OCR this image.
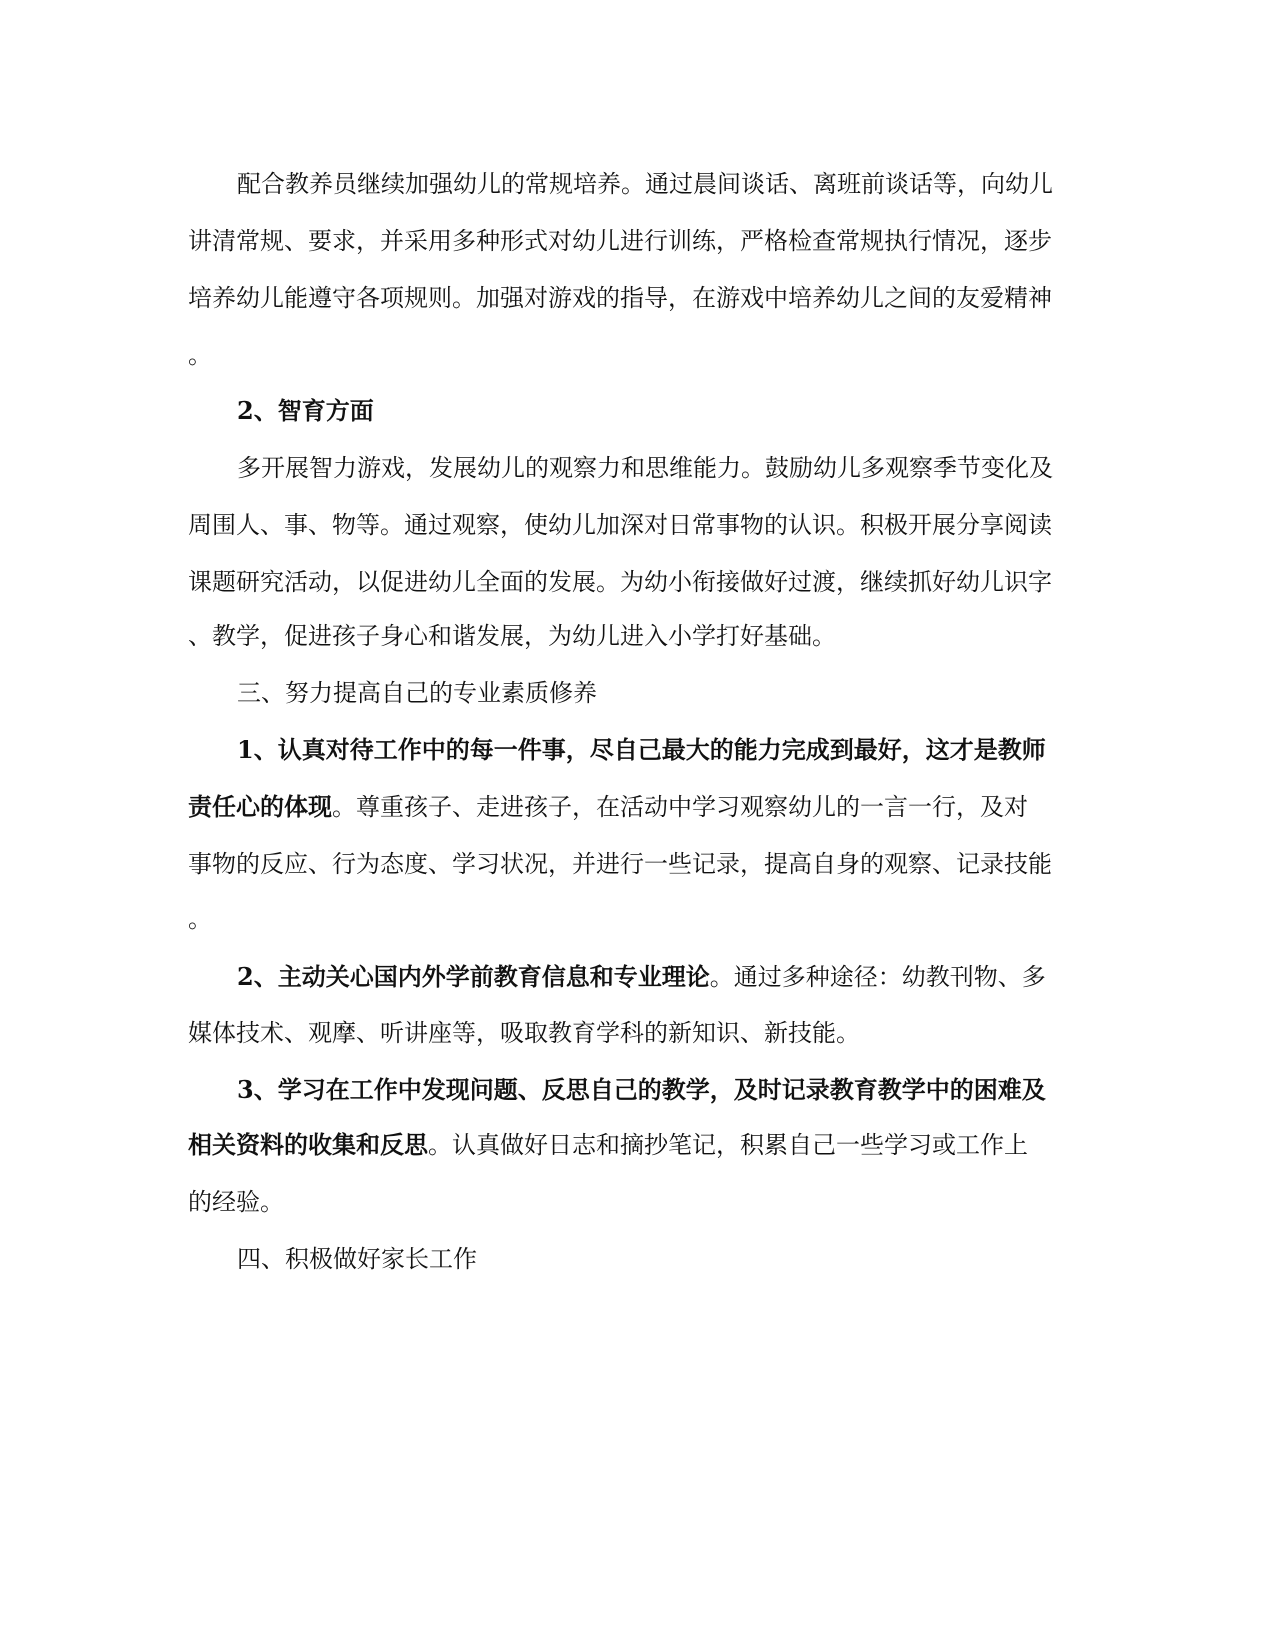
配合教养员继续加强幼儿的常规培养。通过晨间谈话、离班前谈话等，向幼儿
讲清常规、要求，并采用多种形式对幼儿进行训练，严格检查常规执行情况，逐步
培养幼儿能遵守各项规则。加强对游戏的指导，在游戏中培养幼儿之间的友爱精神
。
2、智育方面
多开展智力游戏，发展幼儿的观察力和思维能力。鼓励幼儿多观察季节变化及
周围人、事、物等。通过观察，使幼儿加深对日常事物的认识。积极开展分享阅读
课题研究活动，以促进幼儿全面的发展。为幼小衔接做好过渡，继续抓好幼儿识字
、教学，促进孩子身心和谐发展，为幼儿进入小学打好基础。
三、努力提高自己的专业素质修养
1、认真对待工作中的每一件事，尽自己最大的能力完成到最好，这才是教师
责任心的体现。尊重孩子、走进孩子，在活动中学习观察幼儿的一言一行，及对
事物的反应、行为态度、学习状况，并进行一些记录，提高自身的观察、记录技能
。
2、主动关心国内外学前教育信息和专业理论。通过多种途径：幼教刊物、多
媒体技术、观摩、听讲座等，吸取教育学科的新知识、新技能。
3、学习在工作中发现问题、反思自己的教学，及时记录教育教学中的困难及
相关资料的收集和反思。认真做好日志和摘抄笔记，积累自己一些学习或工作上
的经验。
四、积极做好家长工作
